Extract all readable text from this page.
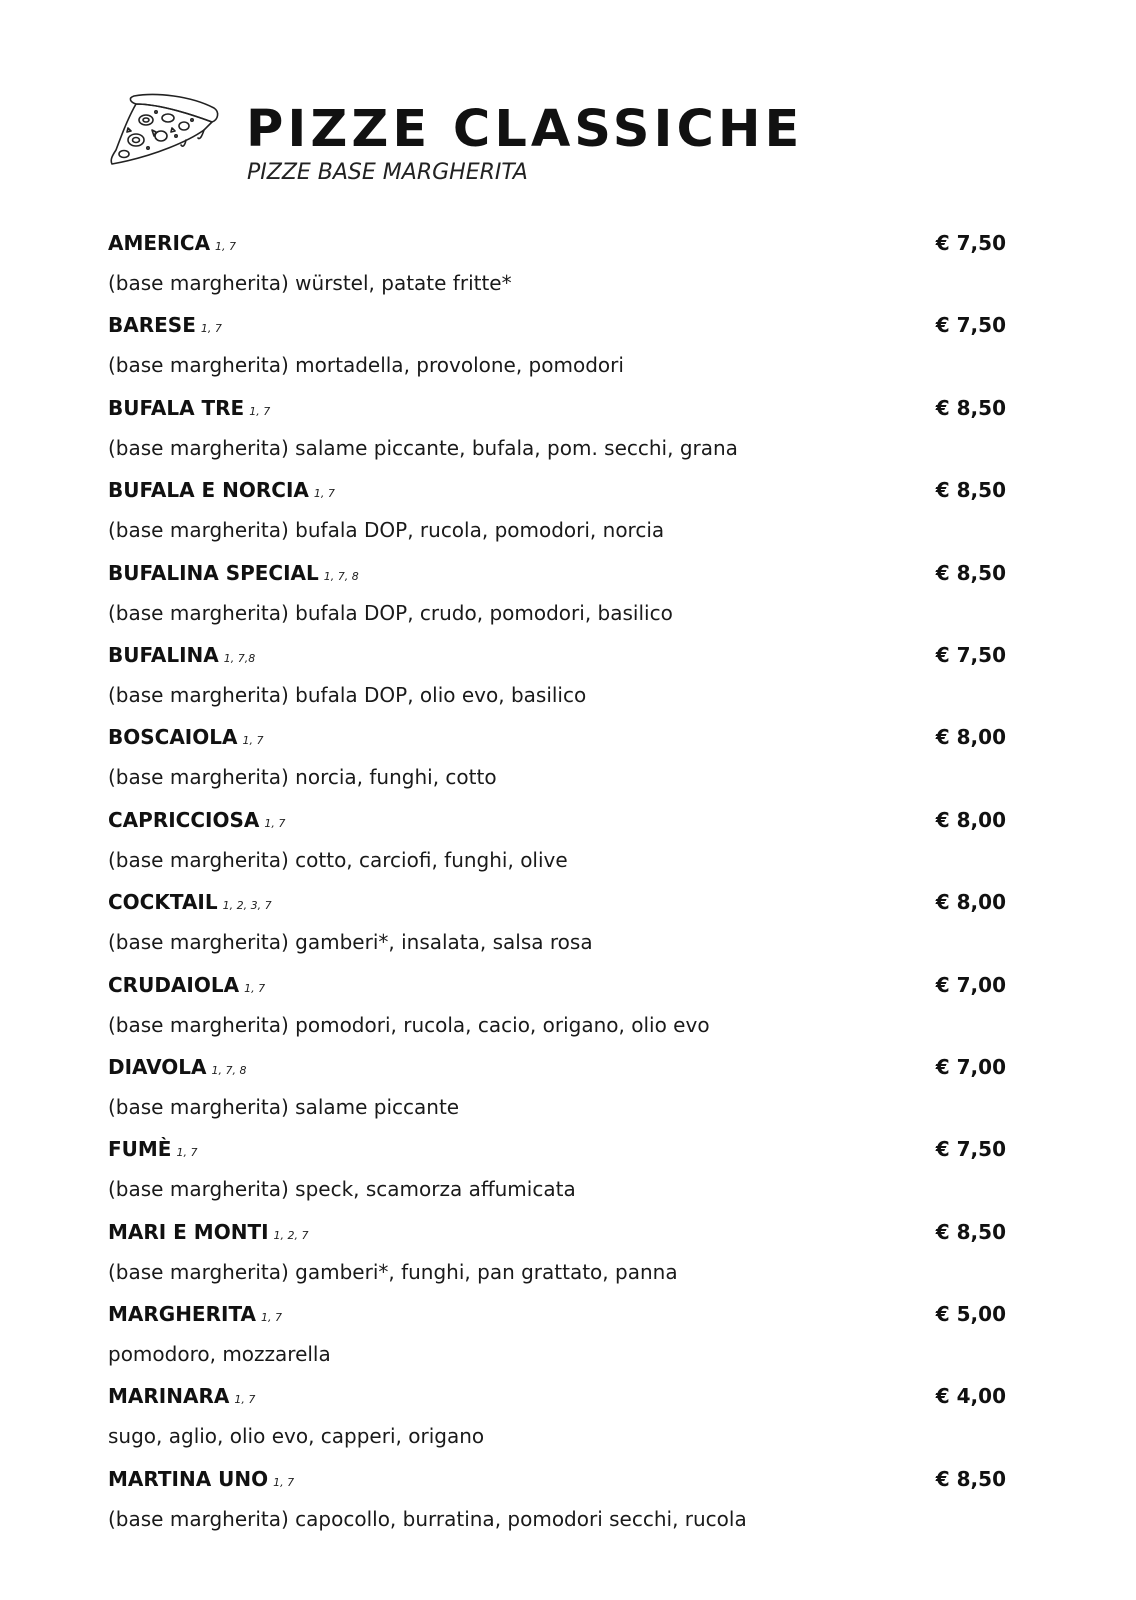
PIZZE CLASSICHE
PIZZE BASE MARGHERITA
AMERICA 1, 7	€ 7,50
(base margherita) würstel, patate fritte*
BARESE 1, 7	€ 7,50
(base margherita) mortadella, provolone, pomodori
BUFALA TRE 1, 7	€ 8,50
(base margherita) salame piccante, bufala, pom. secchi, grana
BUFALA E NORCIA 1, 7	€ 8,50
(base margherita) bufala DOP, rucola, pomodori, norcia
BUFALINA SPECIAL 1, 7, 8	€ 8,50
(base margherita) bufala DOP, crudo, pomodori, basilico
BUFALINA 1, 7,8	€ 7,50
(base margherita) bufala DOP, olio evo, basilico
BOSCAIOLA 1, 7	€ 8,00
(base margherita) norcia, funghi, cotto
CAPRICCIOSA 1, 7	€ 8,00
(base margherita) cotto, carciofi, funghi, olive
COCKTAIL 1, 2, 3, 7	€ 8,00
(base margherita) gamberi*, insalata, salsa rosa
CRUDAIOLA 1, 7	€ 7,00
(base margherita) pomodori, rucola, cacio, origano, olio evo
DIAVOLA 1, 7, 8	€ 7,00
(base margherita) salame piccante
FUMÈ 1, 7	€ 7,50
(base margherita) speck, scamorza affumicata
MARI E MONTI 1, 2, 7	€ 8,50
(base margherita) gamberi*, funghi, pan grattato, panna
MARGHERITA 1, 7	€ 5,00
pomodoro, mozzarella
MARINARA 1, 7	€ 4,00
sugo, aglio, olio evo, capperi, origano
MARTINA UNO 1, 7	€ 8,50
(base margherita) capocollo, burratina, pomodori secchi, rucola
